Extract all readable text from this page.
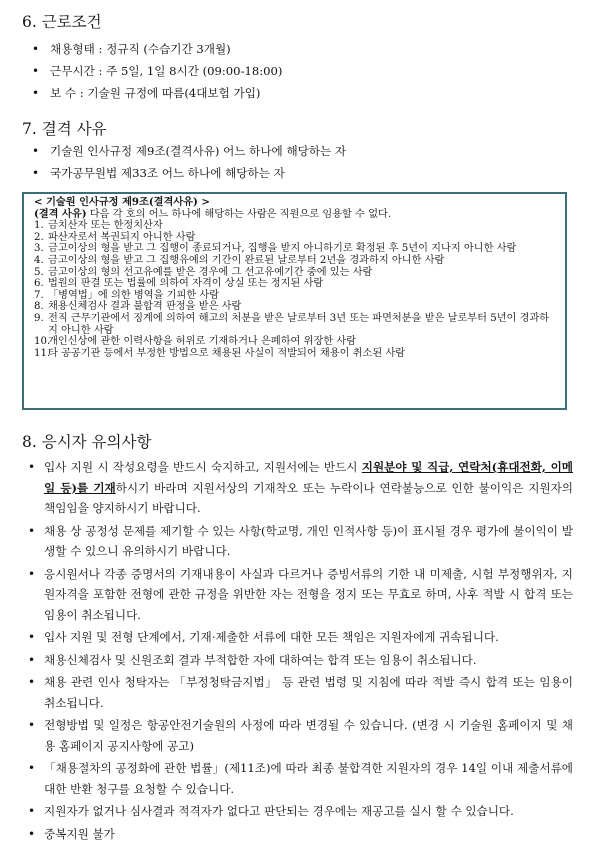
6. 근로조건
• 채용형태 : 정규직 (수습기간 3개월)
• 근무시간 : 주 5일, 1일 8시간 (09:00-18:00)
• 보 수 : 기술원 규정에 따름(4대보험 가입)
7. 결격 사유
• 기술원 인사규정 제9조(결격사유) 어느 하나에 해당하는 자
• 국가공무원법 제33조 어느 하나에 해당하는 자
< 기술원 인사규정 제9조(결격사유) >
(결격 사유) 다음 각 호의 어느 하나에 해당하는 사람은 직원으로 임용할 수 없다.
1. 금치산자 또는 한정치산자
2. 파산자로서 복권되지 아니한 사람
3. 금고이상의 형을 받고 그 집행이 종료되거나, 집행을 받지 아니하기로 확정된 후 5년이 지나지 아니한 사람
4. 금고이상의 형을 받고 그 집행유예의 기간이 완료된 날로부터 2년을 경과하지 아니한 사람
5. 금고이상의 형의 선고유예를 받은 경우에 그 선고유예기간 중에 있는 사람
6. 법원의 판결 또는 법률에 의하여 자격이 상실 또는 정지된 사람
7. 「병역법」에 의한 병역을 기피한 사람
8. 채용신체검사 결과 불합격 판정을 받은 사람
9. 전직 근무기관에서 징계에 의하여 해고의 처분을 받은 날로부터 3년 또는 파면처분을 받은 날로부터 5년이 경과하지 아니한 사람
10.
개인신상에 관한 이력사항을 허위로 기재하거나 은폐하여 위장한 사람
11.
타 공공기관 등에서 부정한 방법으로 채용된 사실이 적발되어 채용이 취소된 사람
8. 응시자 유의사항
• 입사 지원 시 작성요령을 반드시 숙지하고, 지원서에는 반드시 지원분야 및 직급, 연락처(휴대전화, 이메일 등)를 기재하시기 바라며 지원서상의 기재착오 또는 누락이나 연락불능으로 인한 불이익은 지원자의 책임임을 양지하시기 바랍니다.
• 채용 상 공정성 문제를 제기할 수 있는 사항(학교명, 개인 인적사항 등)이 표시될 경우 평가에 불이익이 발생할 수 있으니 유의하시기 바랍니다.
• 응시원서나 각종 증명서의 기재내용이 사실과 다르거나 증빙서류의 기한 내 미제출, 시험 부정행위자, 지원자격을 포함한 전형에 관한 규정을 위반한 자는 전형을 정지 또는 무효로 하며, 사후 적발 시 합격 또는 임용이 취소됩니다.
• 입사 지원 및 전형 단계에서, 기재·제출한 서류에 대한 모든 책임은 지원자에게 귀속됩니다.
• 채용신체검사 및 신원조회 결과 부적합한 자에 대하여는 합격 또는 임용이 취소됩니다.
• 채용 관련 인사 청탁자는 「부정청탁금지법」 등 관련 법령 및 지침에 따라 적발 즉시 합격 또는 임용이 취소됩니다.
• 전형방법 및 일정은 항공안전기술원의 사정에 따라 변경될 수 있습니다. (변경 시 기술원 홈페이지 및 채용 홈페이지 공지사항에 공고)
• 「채용절차의 공정화에 관한 법률」(제11조)에 따라 최종 불합격한 지원자의 경우 14일 이내 제출서류에 대한 반환 청구를 요청할 수 있습니다.
• 지원자가 없거나 심사결과 적격자가 없다고 판단되는 경우에는 재공고를 실시 할 수 있습니다.
• 중복지원 불가
